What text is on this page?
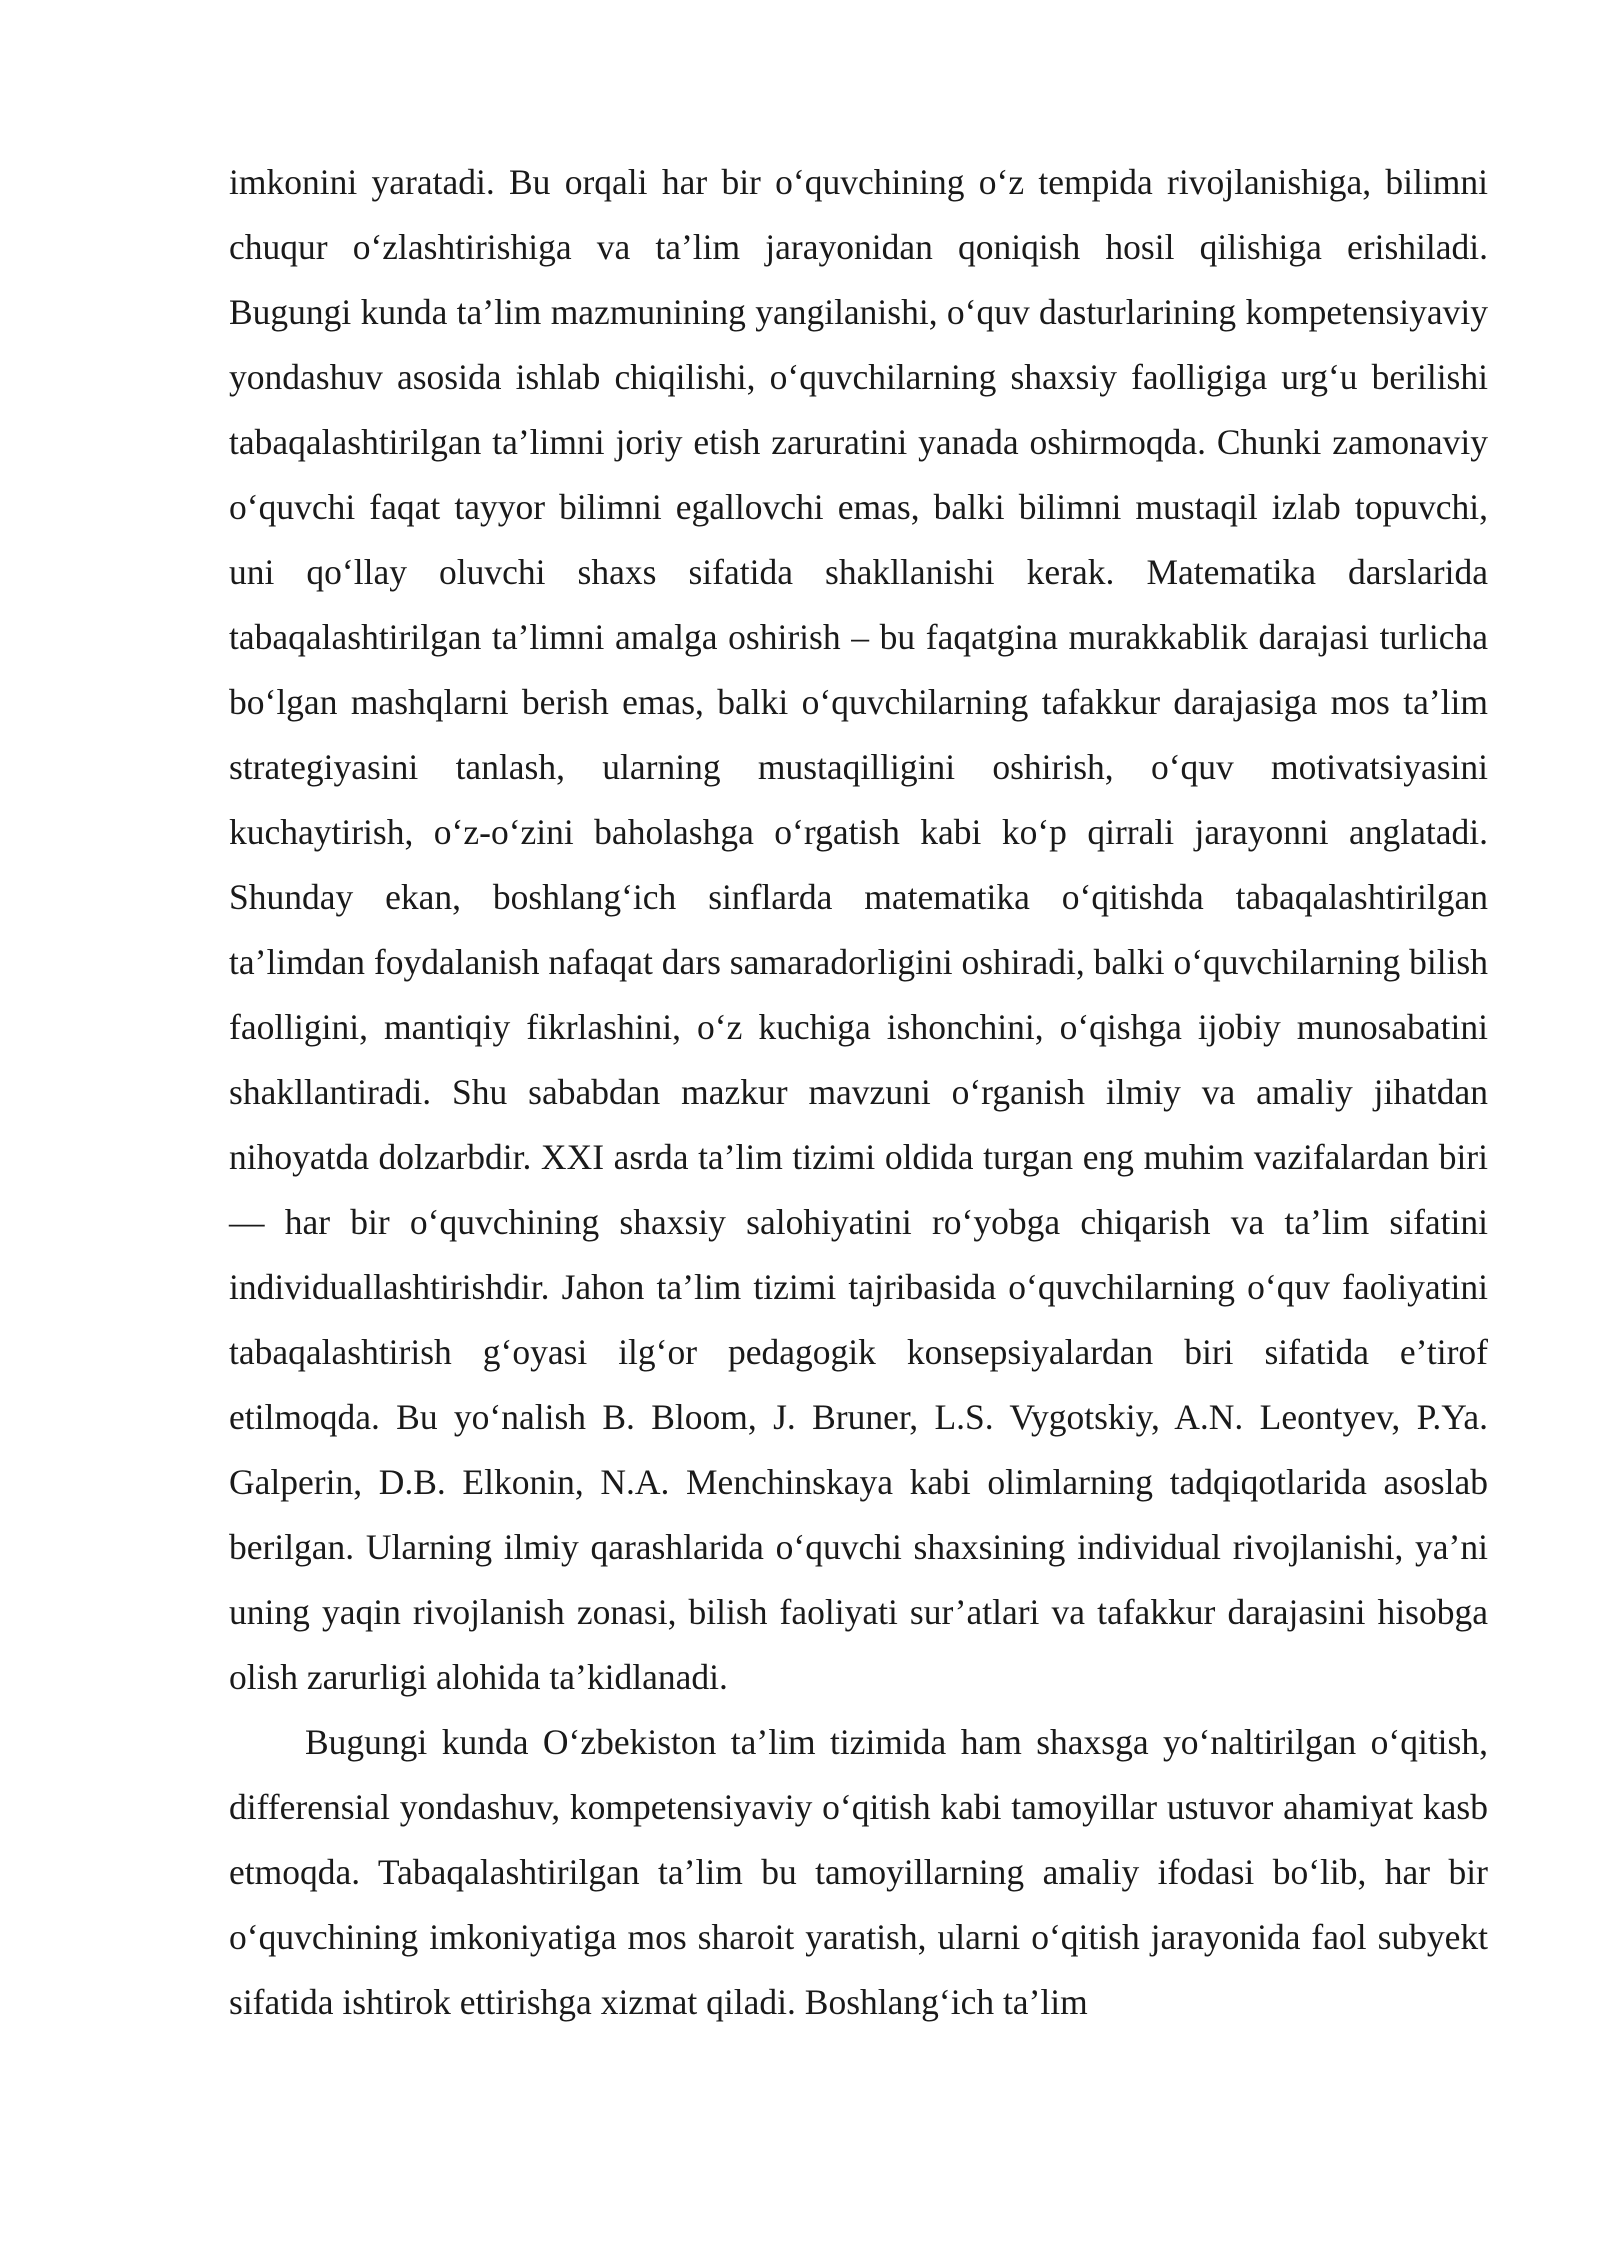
imkonini yaratadi. Bu orqali har bir oʻquvchining oʻz tempida rivojlanishiga, bilimni chuqur oʻzlashtirishiga va ta’lim jarayonidan qoniqish hosil qilishiga erishiladi. Bugungi kunda ta’lim mazmunining yangilanishi, oʻquv dasturlarining kompetensiyaviy yondashuv asosida ishlab chiqilishi, oʻquvchilarning shaxsiy faolligiga urgʻu berilishi tabaqalashtirilgan ta’limni joriy etish zaruratini yanada oshirmoqda. Chunki zamonaviy oʻquvchi faqat tayyor bilimni egallovchi emas, balki bilimni mustaqil izlab topuvchi, uni qoʻllay oluvchi shaxs sifatida shakllanishi kerak. Matematika darslarida tabaqalashtirilgan ta’limni amalga oshirish – bu faqatgina murakkablik darajasi turlicha boʻlgan mashqlarni berish emas, balki oʻquvchilarning tafakkur darajasiga mos ta’lim strategiyasini tanlash, ularning mustaqilligini oshirish, oʻquv motivatsiyasini kuchaytirish, oʻz-oʻzini baholashga oʻrgatish kabi koʻp qirrali jarayonni anglatadi. Shunday ekan, boshlangʻich sinflarda matematika oʻqitishda tabaqalashtirilgan ta’limdan foydalanish nafaqat dars samaradorligini oshiradi, balki oʻquvchilarning bilish faolligini, mantiqiy fikrlashini, oʻz kuchiga ishonchini, oʻqishga ijobiy munosabatini shakllantiradi. Shu sababdan mazkur mavzuni oʻrganish ilmiy va amaliy jihatdan nihoyatda dolzarbdir. XXI asrda ta’lim tizimi oldida turgan eng muhim vazifalardan biri — har bir oʻquvchining shaxsiy salohiyatini roʻyobga chiqarish va ta’lim sifatini individuallashtirishdir. Jahon ta’lim tizimi tajribasida oʻquvchilarning oʻquv faoliyatini tabaqalashtirish gʻoyasi ilgʻor pedagogik konsepsiyalardan biri sifatida e’tirof etilmoqda. Bu yoʻnalish B. Bloom, J. Bruner, L.S. Vygotskiy, A.N. Leontyev, P.Ya. Galperin, D.B. Elkonin, N.A. Menchinskaya kabi olimlarning tadqiqotlarida asoslab berilgan. Ularning ilmiy qarashlarida oʻquvchi shaxsining individual rivojlanishi, ya’ni uning yaqin rivojlanish zonasi, bilish faoliyati sur’atlari va tafakkur darajasini hisobga olish zarurligi alohida ta’kidlanadi.

Bugungi kunda Oʻzbekiston ta’lim tizimida ham shaxsga yoʻnaltirilgan oʻqitish, differensial yondashuv, kompetensiyaviy oʻqitish kabi tamoyillar ustuvor ahamiyat kasb etmoqda. Tabaqalashtirilgan ta’lim bu tamoyillarning amaliy ifodasi boʻlib, har bir oʻquvchining imkoniyatiga mos sharoit yaratish, ularni oʻqitish jarayonida faol subyekt sifatida ishtirok ettirishga xizmat qiladi. Boshlangʻich ta’lim
